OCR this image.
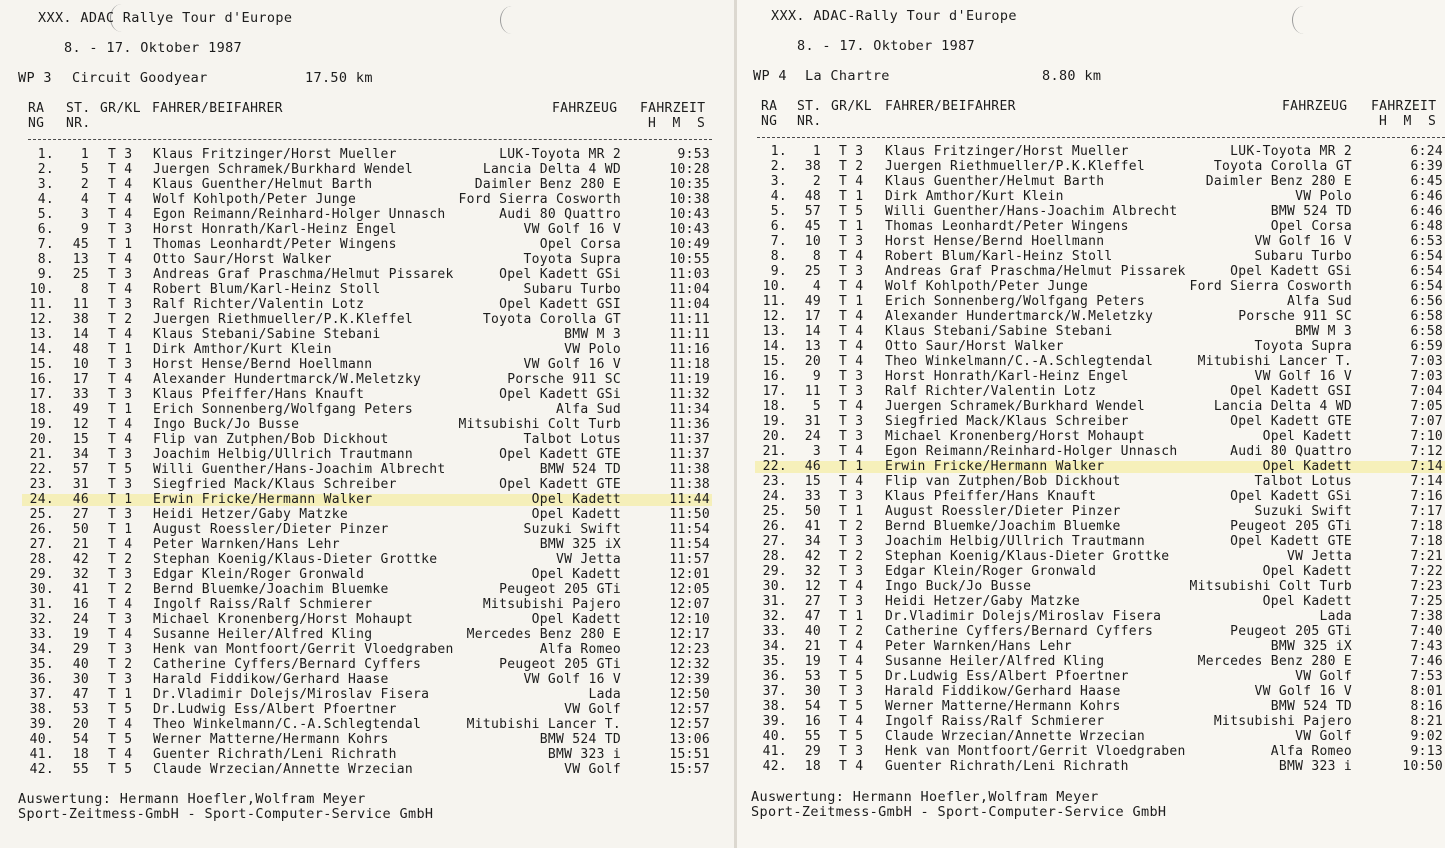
XXX. ADAC Rallye Tour d'Europe
8. - 17. Oktober 1987
WP 3 Circuit Goodyear	17.50 km
RA
NG
ST.
NR.
GR/KL FAHRER/BEIFAHRER	FAHRZEUG FAHRZEIT
H  M  S
1. 1 T 3 Klaus Fritzinger/Horst Mueller	LUK-Toyota MR 2	9:53
2. 5 T 4 Juergen Schramek/Burkhard Wendel	Lancia Delta 4 WD	10:28
3. 2 T 4 Klaus Guenther/Helmut Barth	Daimler Benz 280 E	10:35
4. 4 T 4 Wolf Kohlpoth/Peter Junge	Ford Sierra Cosworth	10:38
5. 3 T 4 Egon Reimann/Reinhard-Holger Unnasch	Audi 80 Quattro	10:43
6. 9 T 3 Horst Honrath/Karl-Heinz Engel	VW Golf 16 V	10:43
7. 45 T 1 Thomas Leonhardt/Peter Wingens	Opel Corsa	10:49
8. 13 T 4 Otto Saur/Horst Walker	Toyota Supra	10:55
9. 25 T 3 Andreas Graf Praschma/Helmut Pissarek	Opel Kadett GSi	11:03
10. 8 T 4 Robert Blum/Karl-Heinz Stoll	Subaru Turbo	11:04
11. 11 T 3 Ralf Richter/Valentin Lotz	Opel Kadett GSI	11:04
12. 38 T 2 Juergen Riethmueller/P.K.Kleffel	Toyota Corolla GT	11:11
13. 14 T 4 Klaus Stebani/Sabine Stebani	BMW M 3	11:11
14. 48 T 1 Dirk Amthor/Kurt Klein	VW Polo	11:16
15. 10 T 3 Horst Hense/Bernd Hoellmann	VW Golf 16 V	11:18
16. 17 T 4 Alexander Hundertmarck/W.Meletzky	Porsche 911 SC	11:19
17. 33 T 3 Klaus Pfeiffer/Hans Knauft	Opel Kadett GSi	11:32
18. 49 T 1 Erich Sonnenberg/Wolfgang Peters	Alfa Sud	11:34
19. 12 T 4 Ingo Buck/Jo Busse	Mitsubishi Colt Turb	11:36
20. 15 T 4 Flip van Zutphen/Bob Dickhout	Talbot Lotus	11:37
21. 34 T 3 Joachim Helbig/Ullrich Trautmann	Opel Kadett GTE	11:37
22. 57 T 5 Willi Guenther/Hans-Joachim Albrecht	BMW 524 TD	11:38
23. 31 T 3 Siegfried Mack/Klaus Schreiber	Opel Kadett GTE	11:38
24. 46 T 1 Erwin Fricke/Hermann Walker	Opel Kadett	11:44
25. 27 T 3 Heidi Hetzer/Gaby Matzke	Opel Kadett	11:50
26. 50 T 1 August Roessler/Dieter Pinzer	Suzuki Swift	11:54
27. 21 T 4 Peter Warnken/Hans Lehr	BMW 325 iX	11:54
28. 42 T 2 Stephan Koenig/Klaus-Dieter Grottke	VW Jetta	11:57
29. 32 T 3 Edgar Klein/Roger Gronwald	Opel Kadett	12:01
30. 41 T 2 Bernd Bluemke/Joachim Bluemke	Peugeot 205 GTi	12:05
31. 16 T 4 Ingolf Raiss/Ralf Schmierer	Mitsubishi Pajero	12:07
32. 24 T 3 Michael Kronenberg/Horst Mohaupt	Opel Kadett	12:10
33. 19 T 4 Susanne Heiler/Alfred Kling	Mercedes Benz 280 E	12:17
34. 29 T 3 Henk van Montfoort/Gerrit Vloedgraben	Alfa Romeo	12:23
35. 40 T 2 Catherine Cyffers/Bernard Cyffers	Peugeot 205 GTi	12:32
36. 30 T 3 Harald Fiddikow/Gerhard Haase	VW Golf 16 V	12:39
37. 47 T 1 Dr.Vladimir Dolejs/Miroslav Fisera	Lada	12:50
38. 53 T 5 Dr.Ludwig Ess/Albert Pfoertner	VW Golf	12:57
39. 20 T 4 Theo Winkelmann/C.-A.Schlegtendal	Mitubishi Lancer T.	12:57
40. 54 T 5 Werner Matterne/Hermann Kohrs	BMW 524 TD	13:06
41. 18 T 4 Guenter Richrath/Leni Richrath	BMW 323 i	15:51
42. 55 T 5 Claude Wrzecian/Annette Wrzecian	VW Golf	15:57
Auswertung: Hermann Hoefler,Wolfram Meyer
Sport-Zeitmess-GmbH - Sport-Computer-Service GmbH
XXX. ADAC-Rally Tour d'Europe
8. - 17. Oktober 1987
WP 4 La Chartre	8.80 km
RA
NG
ST.
NR.
GR/KL FAHRER/BEIFAHRER	FAHRZEUG FAHRZEIT
H  M  S
1. 1 T 3 Klaus Fritzinger/Horst Mueller	LUK-Toyota MR 2	6:24
2. 38 T 2 Juergen Riethmueller/P.K.Kleffel	Toyota Corolla GT	6:39
3. 2 T 4 Klaus Guenther/Helmut Barth	Daimler Benz 280 E	6:45
4. 48 T 1 Dirk Amthor/Kurt Klein	VW Polo	6:46
5. 57 T 5 Willi Guenther/Hans-Joachim Albrecht	BMW 524 TD	6:46
6. 45 T 1 Thomas Leonhardt/Peter Wingens	Opel Corsa	6:48
7. 10 T 3 Horst Hense/Bernd Hoellmann	VW Golf 16 V	6:53
8. 8 T 4 Robert Blum/Karl-Heinz Stoll	Subaru Turbo	6:54
9. 25 T 3 Andreas Graf Praschma/Helmut Pissarek	Opel Kadett GSi	6:54
10. 4 T 4 Wolf Kohlpoth/Peter Junge	Ford Sierra Cosworth	6:54
11. 49 T 1 Erich Sonnenberg/Wolfgang Peters	Alfa Sud	6:56
12. 17 T 4 Alexander Hundertmarck/W.Meletzky	Porsche 911 SC	6:58
13. 14 T 4 Klaus Stebani/Sabine Stebani	BMW M 3	6:58
14. 13 T 4 Otto Saur/Horst Walker	Toyota Supra	6:59
15. 20 T 4 Theo Winkelmann/C.-A.Schlegtendal	Mitubishi Lancer T.	7:03
16. 9 T 3 Horst Honrath/Karl-Heinz Engel	VW Golf 16 V	7:03
17. 11 T 3 Ralf Richter/Valentin Lotz	Opel Kadett GSI	7:04
18. 5 T 4 Juergen Schramek/Burkhard Wendel	Lancia Delta 4 WD	7:05
19. 31 T 3 Siegfried Mack/Klaus Schreiber	Opel Kadett GTE	7:07
20. 24 T 3 Michael Kronenberg/Horst Mohaupt	Opel Kadett	7:10
21. 3 T 4 Egon Reimann/Reinhard-Holger Unnasch	Audi 80 Quattro	7:12
22. 46 T 1 Erwin Fricke/Hermann Walker	Opel Kadett	7:14
23. 15 T 4 Flip van Zutphen/Bob Dickhout	Talbot Lotus	7:14
24. 33 T 3 Klaus Pfeiffer/Hans Knauft	Opel Kadett GSi	7:16
25. 50 T 1 August Roessler/Dieter Pinzer	Suzuki Swift	7:17
26. 41 T 2 Bernd Bluemke/Joachim Bluemke	Peugeot 205 GTi	7:18
27. 34 T 3 Joachim Helbig/Ullrich Trautmann	Opel Kadett GTE	7:18
28. 42 T 2 Stephan Koenig/Klaus-Dieter Grottke	VW Jetta	7:21
29. 32 T 3 Edgar Klein/Roger Gronwald	Opel Kadett	7:22
30. 12 T 4 Ingo Buck/Jo Busse	Mitsubishi Colt Turb	7:23
31. 27 T 3 Heidi Hetzer/Gaby Matzke	Opel Kadett	7:25
32. 47 T 1 Dr.Vladimir Dolejs/Miroslav Fisera	Lada	7:38
33. 40 T 2 Catherine Cyffers/Bernard Cyffers	Peugeot 205 GTi	7:40
34. 21 T 4 Peter Warnken/Hans Lehr	BMW 325 iX	7:43
35. 19 T 4 Susanne Heiler/Alfred Kling	Mercedes Benz 280 E	7:46
36. 53 T 5 Dr.Ludwig Ess/Albert Pfoertner	VW Golf	7:53
37. 30 T 3 Harald Fiddikow/Gerhard Haase	VW Golf 16 V	8:01
38. 54 T 5 Werner Matterne/Hermann Kohrs	BMW 524 TD	8:16
39. 16 T 4 Ingolf Raiss/Ralf Schmierer	Mitsubishi Pajero	8:21
40. 55 T 5 Claude Wrzecian/Annette Wrzecian	VW Golf	9:02
41. 29 T 3 Henk van Montfoort/Gerrit Vloedgraben	Alfa Romeo	9:13
42. 18 T 4 Guenter Richrath/Leni Richrath	BMW 323 i	10:50
Auswertung: Hermann Hoefler,Wolfram Meyer
Sport-Zeitmess-GmbH - Sport-Computer-Service GmbH
